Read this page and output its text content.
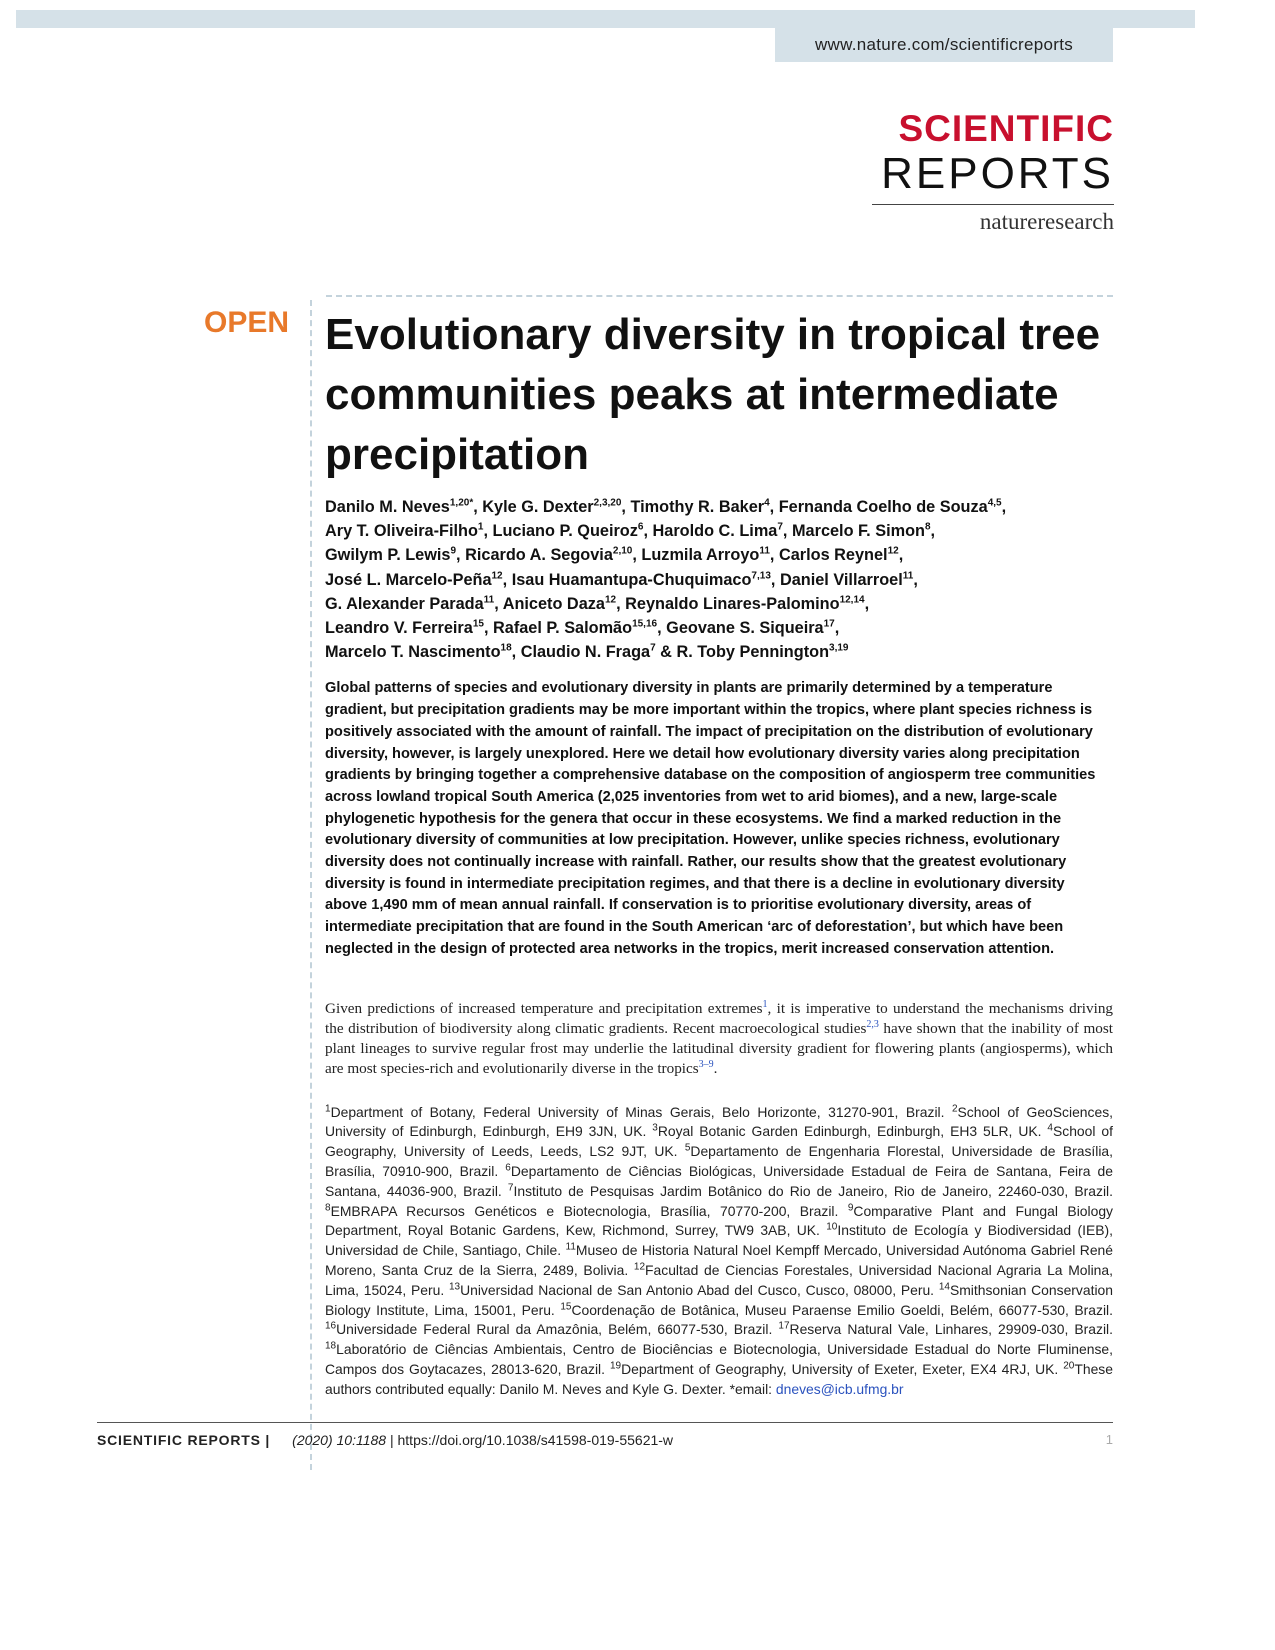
www.nature.com/scientificreports
SCIENTIFIC
REPORTS
natureresearch
OPEN Evolutionary diversity in tropical tree communities peaks at intermediate precipitation
Danilo M. Neves$^{1,20*}$, Kyle G. Dexter$^{2,3,20}$, Timothy R. Baker$^4$, Fernanda Coelho de Souza$^{4,5}$,
Ary T. Oliveira-Filho$^1$, Luciano P. Queiroz$^6$, Haroldo C. Lima$^7$, Marcelo F. Simon$^8$,
Gwilym P. Lewis$^9$, Ricardo A. Segovia$^{2,10}$, Luzmila Arroyo$^{11}$, Carlos Reynel$^{12}$,
José L. Marcelo-Peña$^{12}$, Isau Huamantupa-Chuquimaco$^{7,13}$, Daniel Villarroel$^{11}$,
G. Alexander Parada$^{11}$, Aniceto Daza$^{12}$, Reynaldo Linares-Palomino$^{12,14}$,
Leandro V. Ferreira$^{15}$, Rafael P. Salomão$^{15,16}$, Geovane S. Siqueira$^{17}$,
Marcelo T. Nascimento$^{18}$, Claudio N. Fraga$^7$ & R. Toby Pennington$^{3,19}$
Global patterns of species and evolutionary diversity in plants are primarily determined by a temperature gradient, but precipitation gradients may be more important within the tropics, where plant species richness is positively associated with the amount of rainfall. The impact of precipitation on the distribution of evolutionary diversity, however, is largely unexplored. Here we detail how evolutionary diversity varies along precipitation gradients by bringing together a comprehensive database on the composition of angiosperm tree communities across lowland tropical South America (2,025 inventories from wet to arid biomes), and a new, large-scale phylogenetic hypothesis for the genera that occur in these ecosystems. We find a marked reduction in the evolutionary diversity of communities at low precipitation. However, unlike species richness, evolutionary diversity does not continually increase with rainfall. Rather, our results show that the greatest evolutionary diversity is found in intermediate precipitation regimes, and that there is a decline in evolutionary diversity above 1,490 mm of mean annual rainfall. If conservation is to prioritise evolutionary diversity, areas of intermediate precipitation that are found in the South American ‘arc of deforestation’, but which have been neglected in the design of protected area networks in the tropics, merit increased conservation attention.
Given predictions of increased temperature and precipitation extremes$^1$, it is imperative to understand the mechanisms driving the distribution of biodiversity along climatic gradients. Recent macroecological studies$^{2,3}$ have shown that the inability of most plant lineages to survive regular frost may underlie the latitudinal diversity gradient for flowering plants (angiosperms), which are most species-rich and evolutionarily diverse in the tropics$^{3-9}$.
$^1$Department of Botany, Federal University of Minas Gerais, Belo Horizonte, 31270-901, Brazil. $^2$School of GeoSciences, University of Edinburgh, Edinburgh, EH9 3JN, UK. $^3$Royal Botanic Garden Edinburgh, Edinburgh, EH3 5LR, UK. $^4$School of Geography, University of Leeds, Leeds, LS2 9JT, UK. $^5$Departamento de Engenharia Florestal, Universidade de Brasília, Brasília, 70910-900, Brazil. $^6$Departamento de Ciências Biológicas, Universidade Estadual de Feira de Santana, Feira de Santana, 44036-900, Brazil. $^7$Instituto de Pesquisas Jardim Botânico do Rio de Janeiro, Rio de Janeiro, 22460-030, Brazil. $^8$EMBRAPA Recursos Genéticos e Biotecnologia, Brasília, 70770-200, Brazil. $^9$Comparative Plant and Fungal Biology Department, Royal Botanic Gardens, Kew, Richmond, Surrey, TW9 3AB, UK. $^{10}$Instituto de Ecología y Biodiversidad (IEB), Universidad de Chile, Santiago, Chile. $^{11}$Museo de Historia Natural Noel Kempff Mercado, Universidad Autónoma Gabriel René Moreno, Santa Cruz de la Sierra, 2489, Bolivia. $^{12}$Facultad de Ciencias Forestales, Universidad Nacional Agraria La Molina, Lima, 15024, Peru. $^{13}$Universidad Nacional de San Antonio Abad del Cusco, Cusco, 08000, Peru. $^{14}$Smithsonian Conservation Biology Institute, Lima, 15001, Peru. $^{15}$Coordenação de Botânica, Museu Paraense Emilio Goeldi, Belém, 66077-530, Brazil. $^{16}$Universidade Federal Rural da Amazônia, Belém, 66077-530, Brazil. $^{17}$Reserva Natural Vale, Linhares, 29909-030, Brazil. $^{18}$Laboratório de Ciências Ambientais, Centro de Biociências e Biotecnologia, Universidade Estadual do Norte Fluminense, Campos dos Goytacazes, 28013-620, Brazil. $^{19}$Department of Geography, University of Exeter, Exeter, EX4 4RJ, UK. $^{20}$These authors contributed equally: Danilo M. Neves and Kyle G. Dexter. *email: dneves@icb.ufmg.br
SCIENTIFIC REPORTS | (2020) 10:1188 | https://doi.org/10.1038/s41598-019-55621-w	1
